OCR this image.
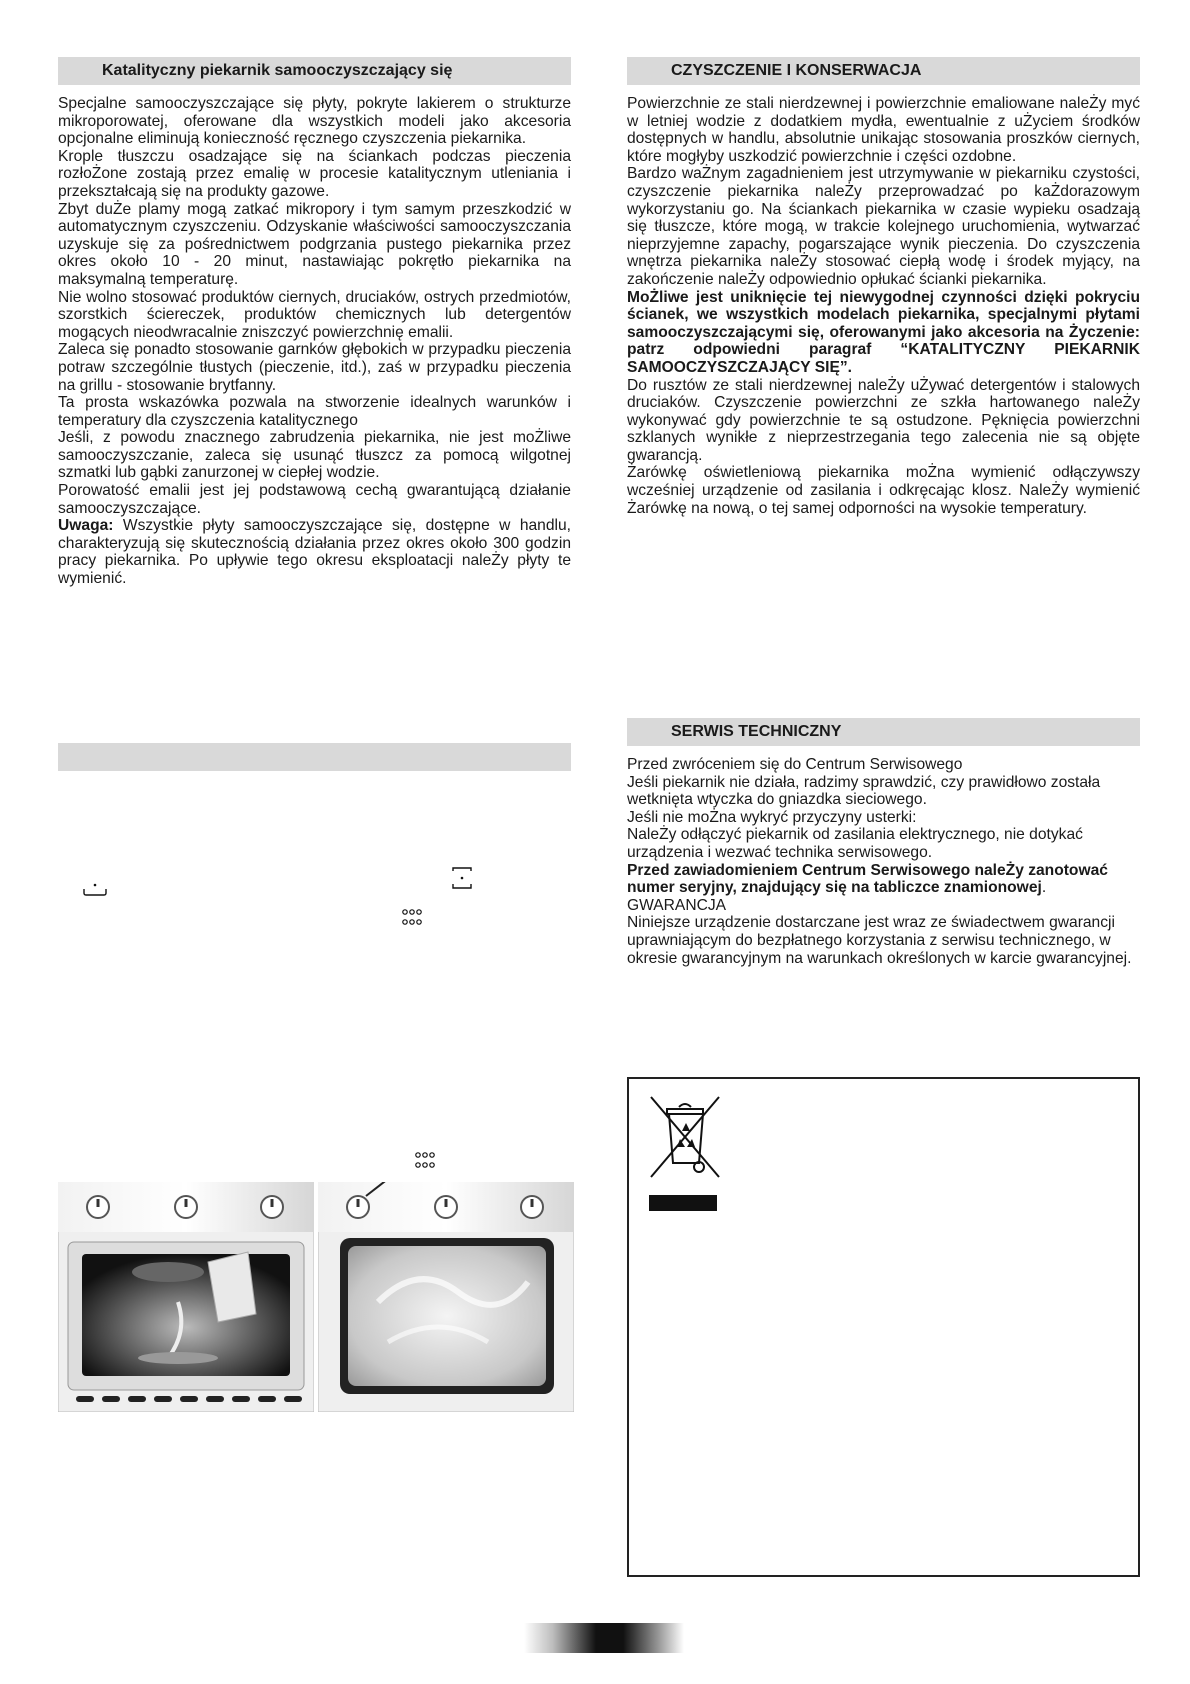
Katalityczny piekarnik samooczyszczający się

Specjalne samooczyszczające się płyty, pokryte lakierem o strukturze mikroporowatej, oferowane dla wszystkich modeli jako akcesoria opcjonalne eliminują konieczność ręcznego czyszczenia piekarnika.

Krople tłuszczu osadzające się na ściankach podczas pieczenia rozłoŻone zostają przez emalię w procesie katalitycznym utleniania i przekształcają się na produkty gazowe.

Zbyt duŻe plamy mogą zatkać mikropory i tym samym przeszkodzić w automatycznym czyszczeniu. Odzyskanie właściwości samooczyszczania uzyskuje się za pośrednictwem podgrzania pustego piekarnika przez okres około 10 - 20 minut, nastawiając pokrętło piekarnika na maksymalną temperaturę.

Nie wolno stosować produktów ciernych, druciaków, ostrych przedmiotów, szorstkich ściereczek, produktów chemicznych lub detergentów mogących nieodwracalnie zniszczyć powierzchnię emalii.

Zaleca się ponadto stosowanie garnków głębokich w przypadku pieczenia potraw szczególnie tłustych (pieczenie, itd.), zaś w przypadku pieczenia na grillu - stosowanie brytfanny.

Ta prosta wskazówka pozwala na stworzenie idealnych warunków i temperatury dla czyszczenia katalitycznego

Jeśli, z powodu znacznego zabrudzenia piekarnika, nie jest moŻliwe samooczyszczanie, zaleca się usunąć tłuszcz za pomocą wilgotnej szmatki lub gąbki zanurzonej w ciepłej wodzie.

Porowatość emalii jest jej podstawową cechą gwarantującą działanie samooczyszczające.

Uwaga: Wszystkie płyty samooczyszczające się, dostępne w handlu, charakteryzują się skutecznością działania przez okres około 300 godzin pracy piekarnika. Po upływie tego okresu eksploatacji naleŻy płyty te wymienić.

CZYSZCZENIE I KONSERWACJA

Powierzchnie ze stali nierdzewnej i powierzchnie emaliowane naleŻy myć w letniej wodzie z dodatkiem mydła, ewentualnie z uŻyciem środków dostępnych w handlu, absolutnie unikając stosowania proszków ciernych, które mogłyby uszkodzić powierzchnie i części ozdobne.

Bardzo waŻnym zagadnieniem jest utrzymywanie w piekarniku czystości, czyszczenie piekarnika naleŻy przeprowadzać po kaŻdorazowym wykorzystaniu go. Na ściankach piekarnika w czasie wypieku osadzają się tłuszcze, które mogą, w trakcie kolejnego uruchomienia, wytwarzać nieprzyjemne zapachy, pogarszające wynik pieczenia. Do czyszczenia wnętrza piekarnika naleŻy stosować ciepłą wodę i środek myjący, na zakończenie naleŻy odpowiednio opłukać ścianki piekarnika.

MoŻliwe jest uniknięcie tej niewygodnej czynności dzięki pokryciu ścianek, we wszystkich modelach piekarnika, specjalnymi płytami samooczyszczającymi się, oferowanymi jako akcesoria na Życzenie: patrz odpowiedni paragraf “KATALITYCZNY PIEKARNIK SAMOOCZYSZCZAJĄCY SIĘ”.

Do rusztów ze stali nierdzewnej naleŻy uŻywać detergentów i stalowych druciaków. Czyszczenie powierzchni ze szkła hartowanego naleŻy wykonywać gdy powierzchnie te są ostudzone. Pęknięcia powierzchni szklanych wynikłe z nieprzestrzegania tego zalecenia nie są objęte gwarancją.

Żarówkę oświetleniową piekarnika moŻna wymienić odłączywszy wcześniej urządzenie od zasilania i odkręcając klosz. NaleŻy wymienić Żarówkę na nową, o tej samej odporności na wysokie temperatury.

SERWIS TECHNICZNY

Przed zwróceniem się do Centrum Serwisowego

Jeśli piekarnik nie działa, radzimy sprawdzić, czy prawidłowo została wetknięta wtyczka do gniazdka sieciowego.

Jeśli nie moŻna wykryć przyczyny usterki:

NaleŻy odłączyć piekarnik od zasilania elektrycznego, nie dotykać urządzenia i wezwać technika serwisowego.

Przed zawiadomieniem Centrum Serwisowego naleŻy zanotować numer seryjny, znajdujący się na tabliczce znamionowej.

GWARANCJA

Niniejsze urządzenie dostarczane jest wraz ze świadectwem gwarancji uprawniającym do bezpłatnego korzystania z serwisu technicznego, w okresie gwarancyjnym na warunkach określonych w karcie gwarancyjnej.
